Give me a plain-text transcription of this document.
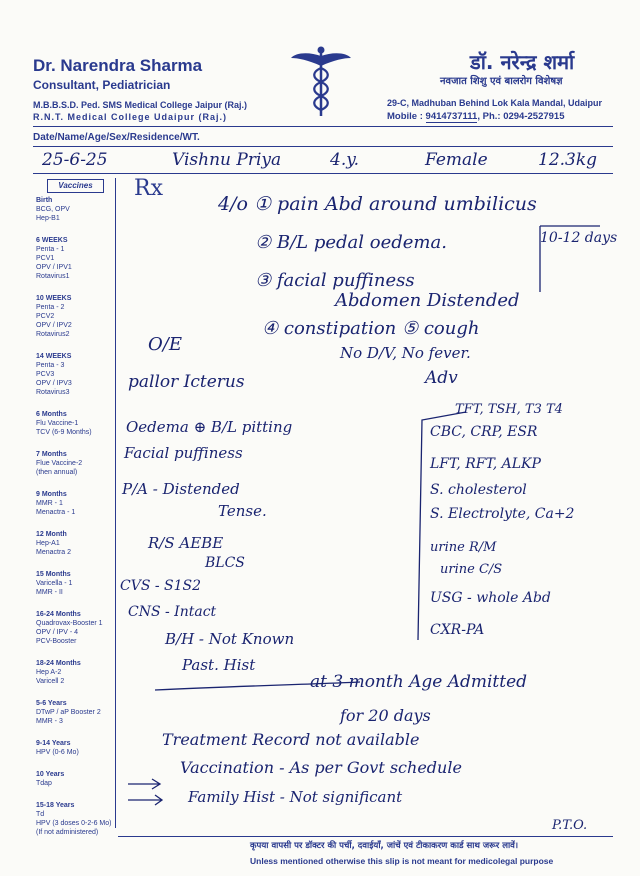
Dr. Narendra Sharma
Consultant, Pediatrician
M.B.B.S.D. Ped. SMS Medical College Jaipur (Raj.)
R.N.T. Medical College Udaipur (Raj.)
डॉ. नरेन्द्र शर्मा
नवजात शिशु एवं बालरोग विशेषज्ञ
29-C, Madhuban Behind Lok Kala Mandal, Udaipur
Mobile : 9414737111, Ph.: 0294-2527915
Date/Name/Age/Sex/Residence/WT.
25-6-25	Vishnu Priya	4.y.	Female	12.3kg
Vaccines
Birth
BCG, OPV
Hep-B1
6 WEEKS
Penta - 1
PCV1
OPV / IPV1
Rotavirus1
10 WEEKS
Penta - 2
PCV2
OPV / IPV2
Rotavirus2
14 WEEKS
Penta - 3
PCV3
OPV / IPV3
Rotavirus3
6 Months
Flu Vaccine-1
TCV (6-9 Months)
7 Months
Flue Vaccine-2
(then annual)
9 Months
MMR - 1
Menactra - 1
12 Month
Hep-A1
Menactra 2
15 Months
Varicella - 1
MMR - II
16-24 Months
Quadrovax-Booster 1
OPV / IPV - 4
PCV-Booster
18-24 Months
Hep A-2
Varicell 2
5-6 Years
DTwP / aP Booster 2
MMR - 3
9-14 Years
HPV (0-6 Mo)
10 Years
Tdap
15-18 Years
Td
HPV (3 doses 0-2-6 Mo)
(If not administered)
Rx
4/o ① pain Abd around umbilicus
10-12 days
② B/L pedal oedema.
③ facial puffiness
Abdomen Distended
④ constipation ⑤ cough
No D/V, No fever.
Adv
O/E
pallor Icterus
Oedema ⊕ B/L pitting
Facial puffiness
P/A - Distended
Tense.
R/S AEBE
BLCS
CVS - S1S2
CNS - Intact
B/H - Not Known
Past. Hist
at 3 month Age Admitted
for 20 days
Treatment Record not available
Vaccination - As per Govt schedule
Family Hist - Not significant
P.T.O.
TFT, TSH, T3 T4
CBC, CRP, ESR
LFT, RFT, ALKP
S. cholesterol
S. Electrolyte, Ca+2
urine R/M
urine C/S
USG - whole Abd
CXR-PA
कृपया वापसी पर डॉक्टर की पर्ची, दवाईयाँ, जांचें एवं टीकाकरण कार्ड साथ जरूर लावें।
Unless mentioned otherwise this slip is not meant for medicolegal purpose
